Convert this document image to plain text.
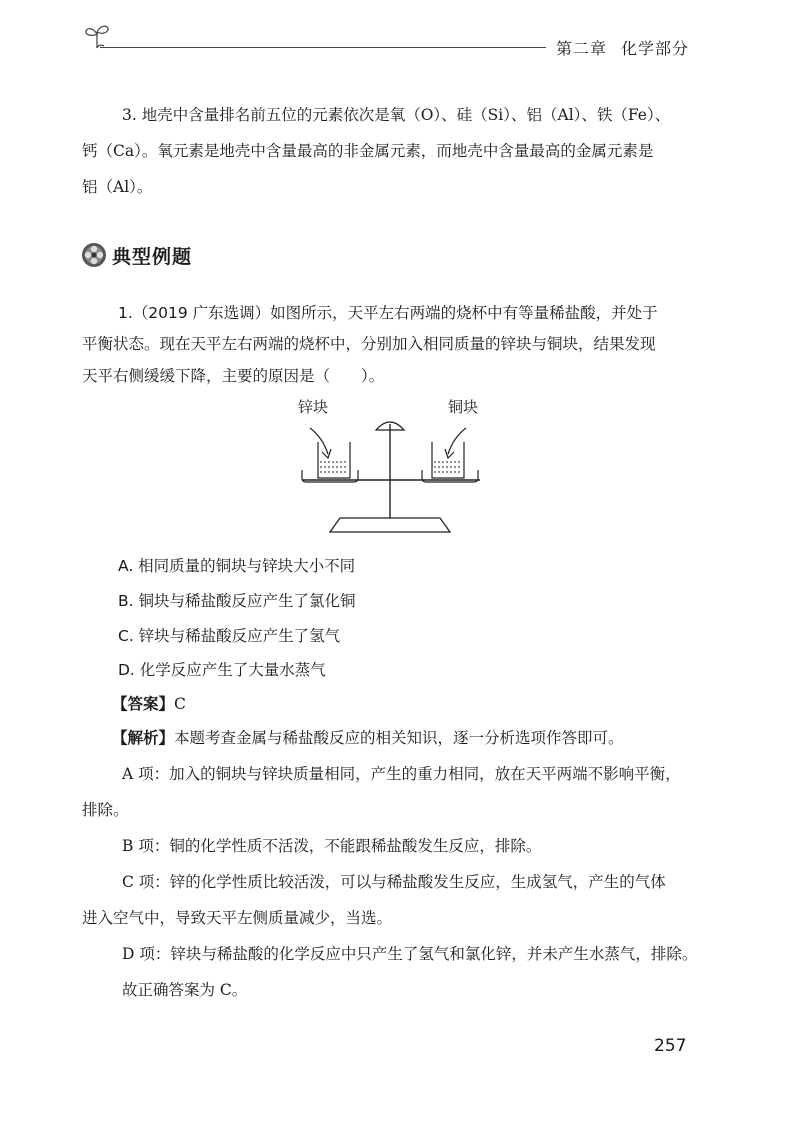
第二章 化学部分
3. 地壳中含量排名前五位的元素依次是氧（O）、硅（Si）、铝（Al）、铁（Fe）、
钙（Ca）。氧元素是地壳中含量最高的非金属元素，而地壳中含量最高的金属元素是
铝（Al）。
典型例题
1.（2019 广东选调）如图所示，天平左右两端的烧杯中有等量稀盐酸，并处于
平衡状态。现在天平左右两端的烧杯中，分别加入相同质量的锌块与铜块，结果发现
天平右侧缓缓下降，主要的原因是（　　）。
锌块	铜块
A. 相同质量的铜块与锌块大小不同
B. 铜块与稀盐酸反应产生了氯化铜
C. 锌块与稀盐酸反应产生了氢气
D. 化学反应产生了大量水蒸气
【答案】C
【解析】本题考查金属与稀盐酸反应的相关知识，逐一分析选项作答即可。
A 项：加入的铜块与锌块质量相同，产生的重力相同，放在天平两端不影响平衡，
排除。
B 项：铜的化学性质不活泼，不能跟稀盐酸发生反应，排除。
C 项：锌的化学性质比较活泼，可以与稀盐酸发生反应，生成氢气，产生的气体
进入空气中，导致天平左侧质量减少，当选。
D 项：锌块与稀盐酸的化学反应中只产生了氢气和氯化锌，并未产生水蒸气，排除。
故正确答案为 C。
257
